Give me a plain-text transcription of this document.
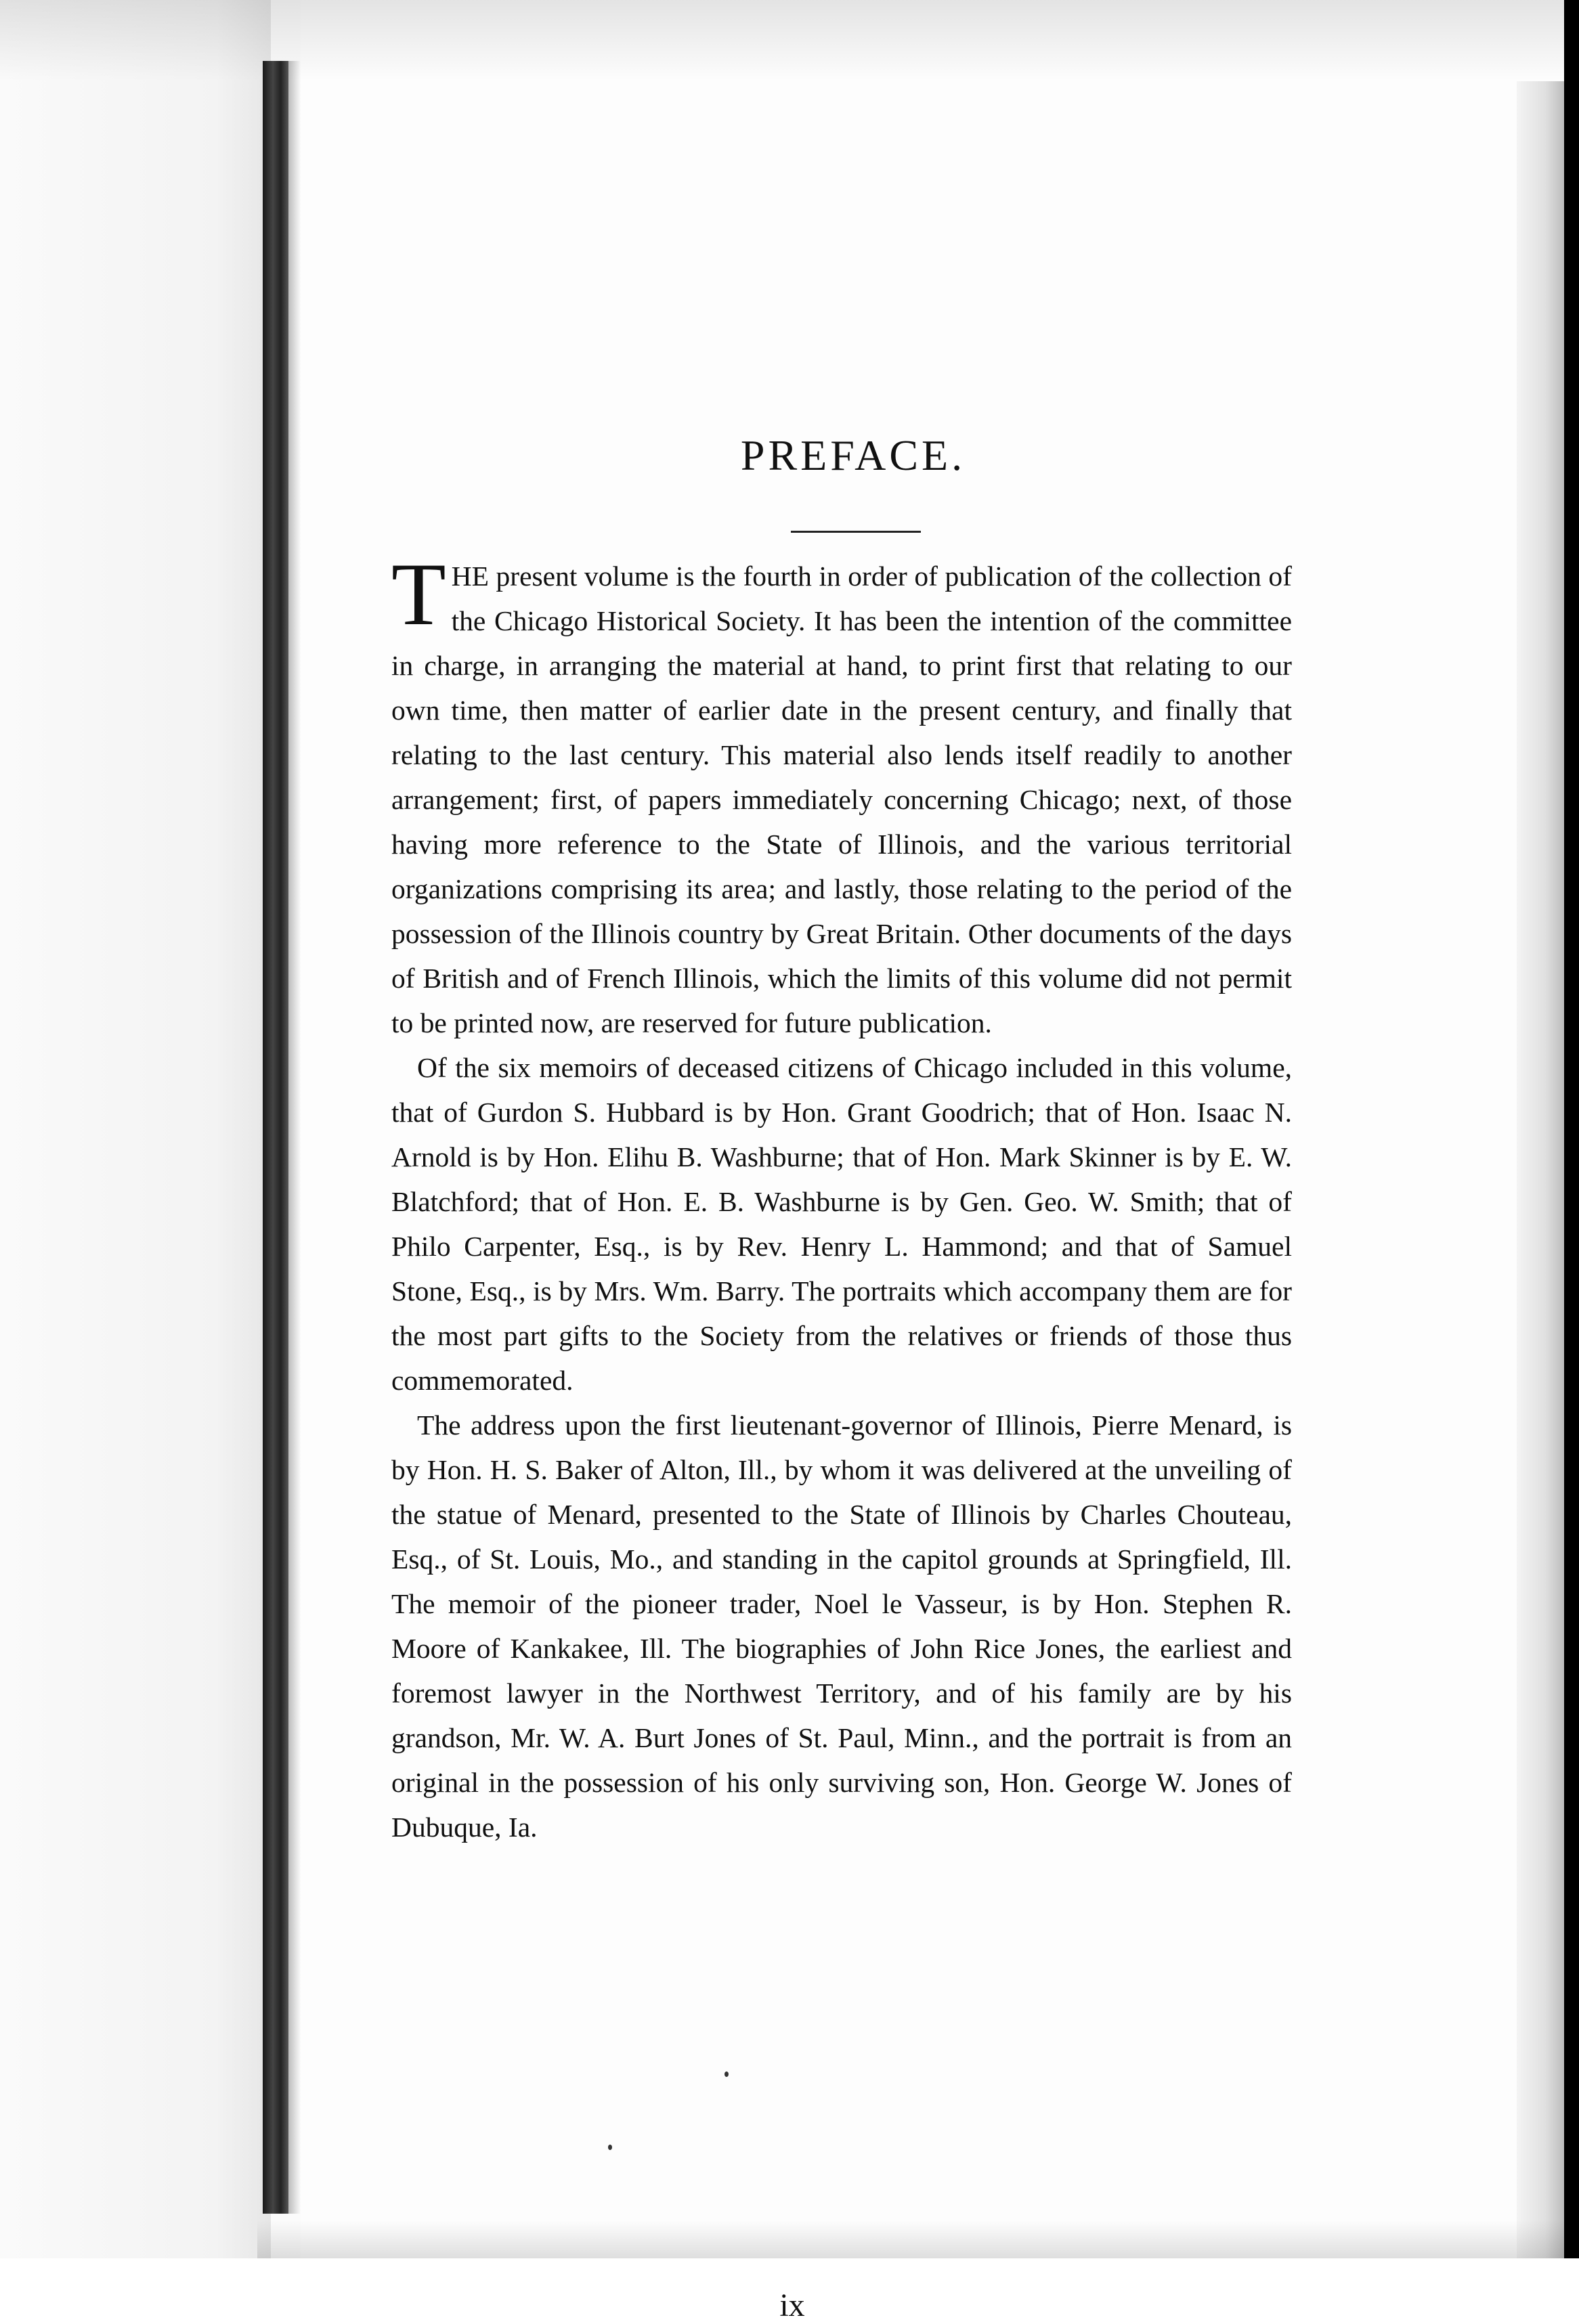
PREFACE.

THE present volume is the fourth in order of publication of the collection of the Chicago Historical Society. It has been the intention of the committee in charge, in arranging the material at hand, to print first that relating to our own time, then matter of earlier date in the present century, and finally that relating to the last century. This material also lends itself readily to another arrangement; first, of papers immediately concerning Chicago; next, of those having more reference to the State of Illinois, and the various territorial organizations comprising its area; and lastly, those relating to the period of the possession of the Illinois country by Great Britain. Other documents of the days of British and of French Illinois, which the limits of this volume did not permit to be printed now, are reserved for future publication.

Of the six memoirs of deceased citizens of Chicago included in this volume, that of Gurdon S. Hubbard is by Hon. Grant Goodrich; that of Hon. Isaac N. Arnold is by Hon. Elihu B. Washburne; that of Hon. Mark Skinner is by E. W. Blatchford; that of Hon. E. B. Washburne is by Gen. Geo. W. Smith; that of Philo Carpenter, Esq., is by Rev. Henry L. Hammond; and that of Samuel Stone, Esq., is by Mrs. Wm. Barry. The portraits which accompany them are for the most part gifts to the Society from the relatives or friends of those thus commemorated.

The address upon the first lieutenant-governor of Illinois, Pierre Menard, is by Hon. H. S. Baker of Alton, Ill., by whom it was delivered at the unveiling of the statue of Menard, presented to the State of Illinois by Charles Chouteau, Esq., of St. Louis, Mo., and standing in the capitol grounds at Springfield, Ill. The memoir of the pioneer trader, Noel le Vasseur, is by Hon. Stephen R. Moore of Kankakee, Ill. The biographies of John Rice Jones, the earliest and foremost lawyer in the Northwest Territory, and of his family are by his grandson, Mr. W. A. Burt Jones of St. Paul, Minn., and the portrait is from an original in the possession of his only surviving son, Hon. George W. Jones of Dubuque, Ia.

ix
